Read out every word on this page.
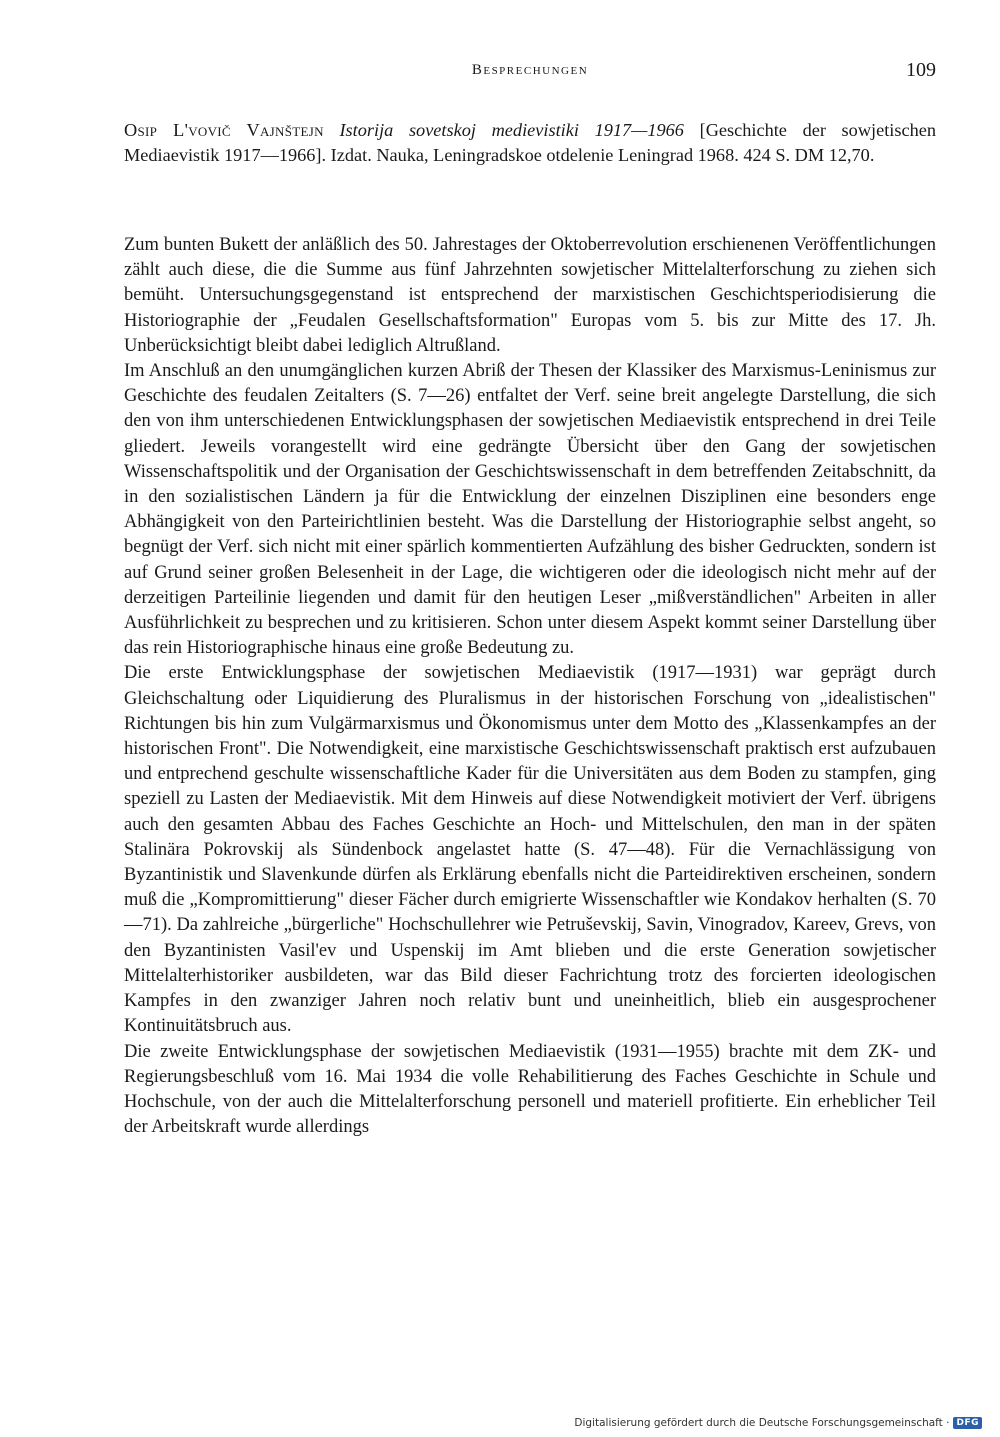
Besprechungen	109
Osip L'vovič Vajnštejn Istorija sovetskoj medievistiki 1917—1966 [Geschichte der sowjetischen Mediaevistik 1917—1966]. Izdat. Nauka, Leningradskoe otdelenie Leningrad 1968. 424 S. DM 12,70.

Zum bunten Bukett der anläßlich des 50. Jahrestages der Oktoberrevolution erschienenen Veröffentlichungen zählt auch diese, die die Summe aus fünf Jahrzehnten sowjetischer Mittelalterforschung zu ziehen sich bemüht. Untersuchungsgegenstand ist entsprechend der marxistischen Geschichtsperiodisierung die Historiographie der „Feudalen Gesellschaftsformation" Europas vom 5. bis zur Mitte des 17. Jh. Unberücksichtigt bleibt dabei lediglich Altrußland.

Im Anschluß an den unumgänglichen kurzen Abriß der Thesen der Klassiker des Marxismus-Leninismus zur Geschichte des feudalen Zeitalters (S. 7—26) entfaltet der Verf. seine breit angelegte Darstellung, die sich den von ihm unterschiedenen Entwicklungsphasen der sowjetischen Mediaevistik entsprechend in drei Teile gliedert. Jeweils vorangestellt wird eine gedrängte Übersicht über den Gang der sowjetischen Wissenschaftspolitik und der Organisation der Geschichtswissenschaft in dem betreffenden Zeitabschnitt, da in den sozialistischen Ländern ja für die Entwicklung der einzelnen Disziplinen eine besonders enge Abhängigkeit von den Parteirichtlinien besteht. Was die Darstellung der Historiographie selbst angeht, so begnügt der Verf. sich nicht mit einer spärlich kommentierten Aufzählung des bisher Gedruckten, sondern ist auf Grund seiner großen Belesenheit in der Lage, die wichtigeren oder die ideologisch nicht mehr auf der derzeitigen Parteilinie liegenden und damit für den heutigen Leser „mißverständlichen" Arbeiten in aller Ausführlichkeit zu besprechen und zu kritisieren. Schon unter diesem Aspekt kommt seiner Darstellung über das rein Historiographische hinaus eine große Bedeutung zu.

Die erste Entwicklungsphase der sowjetischen Mediaevistik (1917—1931) war geprägt durch Gleichschaltung oder Liquidierung des Pluralismus in der historischen Forschung von „idealistischen" Richtungen bis hin zum Vulgärmarxismus und Ökonomismus unter dem Motto des „Klassenkampfes an der historischen Front". Die Notwendigkeit, eine marxistische Geschichtswissenschaft praktisch erst aufzubauen und entprechend geschulte wissenschaftliche Kader für die Universitäten aus dem Boden zu stampfen, ging speziell zu Lasten der Mediaevistik. Mit dem Hinweis auf diese Notwendigkeit motiviert der Verf. übrigens auch den gesamten Abbau des Faches Geschichte an Hoch- und Mittelschulen, den man in der späten Stalinära Pokrovskij als Sündenbock angelastet hatte (S. 47—48). Für die Vernachlässigung von Byzantinistik und Slavenkunde dürfen als Erklärung ebenfalls nicht die Parteidirektiven erscheinen, sondern muß die „Kompromittierung" dieser Fächer durch emigrierte Wissenschaftler wie Kondakov herhalten (S. 70—71). Da zahlreiche „bürgerliche" Hochschullehrer wie Petruševskij, Savin, Vinogradov, Kareev, Grevs, von den Byzantinisten Vasil'ev und Uspenskij im Amt blieben und die erste Generation sowjetischer Mittelalterhistoriker ausbildeten, war das Bild dieser Fachrichtung trotz des forcierten ideologischen Kampfes in den zwanziger Jahren noch relativ bunt und uneinheitlich, blieb ein ausgesprochener Kontinuitätsbruch aus.

Die zweite Entwicklungsphase der sowjetischen Mediaevistik (1931—1955) brachte mit dem ZK- und Regierungsbeschluß vom 16. Mai 1934 die volle Rehabilitierung des Faches Geschichte in Schule und Hochschule, von der auch die Mittelalterforschung personell und materiell profitierte. Ein erheblicher Teil der Arbeitskraft wurde allerdings

Digitalisierung gefördert durch die Deutsche Forschungsgemeinschaft · DFG
